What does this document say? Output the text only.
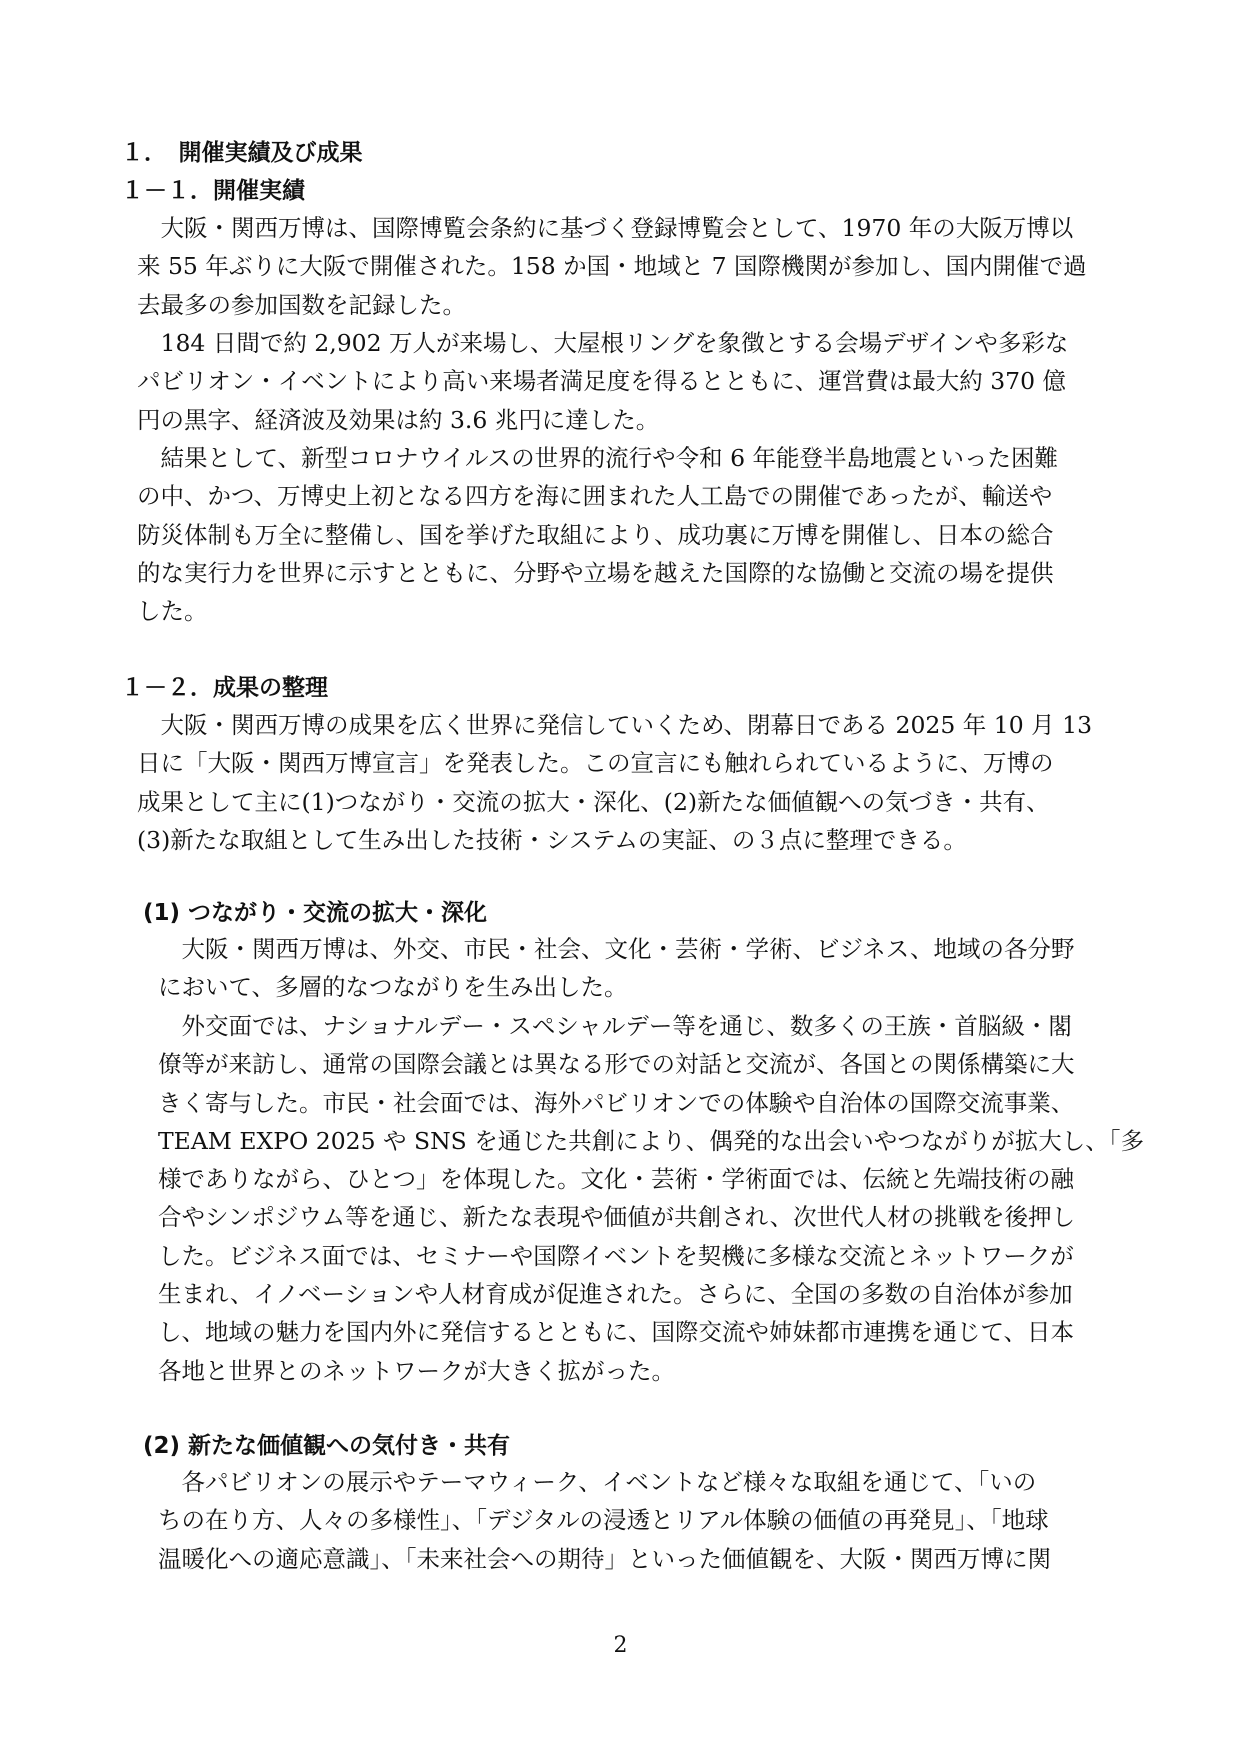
１．　開催実績及び成果
１－１．開催実績
　大阪・関西万博は、国際博覧会条約に基づく登録博覧会として、1970 年の大阪万博以
来 55 年ぶりに大阪で開催された。158 か国・地域と 7 国際機関が参加し、国内開催で過
去最多の参加国数を記録した。
　184 日間で約 2,902 万人が来場し、大屋根リングを象徴とする会場デザインや多彩な
パビリオン・イベントにより高い来場者満足度を得るとともに、運営費は最大約 370 億
円の黒字、経済波及効果は約 3.6 兆円に達した。
　結果として、新型コロナウイルスの世界的流行や令和 6 年能登半島地震といった困難
の中、かつ、万博史上初となる四方を海に囲まれた人工島での開催であったが、輸送や
防災体制も万全に整備し、国を挙げた取組により、成功裏に万博を開催し、日本の総合
的な実行力を世界に示すとともに、分野や立場を越えた国際的な協働と交流の場を提供
した。
１－２．成果の整理
　大阪・関西万博の成果を広く世界に発信していくため、閉幕日である 2025 年 10 月 13
日に「大阪・関西万博宣言」を発表した。この宣言にも触れられているように、万博の
成果として主に(1)つながり・交流の拡大・深化、(2)新たな価値観への気づき・共有、
(3)新たな取組として生み出した技術・システムの実証、の３点に整理できる。
(1) つながり・交流の拡大・深化
　大阪・関西万博は、外交、市民・社会、文化・芸術・学術、ビジネス、地域の各分野
において、多層的なつながりを生み出した。
　外交面では、ナショナルデー・スペシャルデー等を通じ、数多くの王族・首脳級・閣
僚等が来訪し、通常の国際会議とは異なる形での対話と交流が、各国との関係構築に大
きく寄与した。市民・社会面では、海外パビリオンでの体験や自治体の国際交流事業、
TEAM EXPO 2025 や SNS を通じた共創により、偶発的な出会いやつながりが拡大し、「多
様でありながら、ひとつ」を体現した。文化・芸術・学術面では、伝統と先端技術の融
合やシンポジウム等を通じ、新たな表現や価値が共創され、次世代人材の挑戦を後押し
した。ビジネス面では、セミナーや国際イベントを契機に多様な交流とネットワークが
生まれ、イノベーションや人材育成が促進された。さらに、全国の多数の自治体が参加
し、地域の魅力を国内外に発信するとともに、国際交流や姉妹都市連携を通じて、日本
各地と世界とのネットワークが大きく拡がった。
(2) 新たな価値観への気付き・共有
　各パビリオンの展示やテーマウィーク、イベントなど様々な取組を通じて、「いの
ちの在り方、人々の多様性」、「デジタルの浸透とリアル体験の価値の再発見」、「地球
温暖化への適応意識」、「未来社会への期待」といった価値観を、大阪・関西万博に関
2
